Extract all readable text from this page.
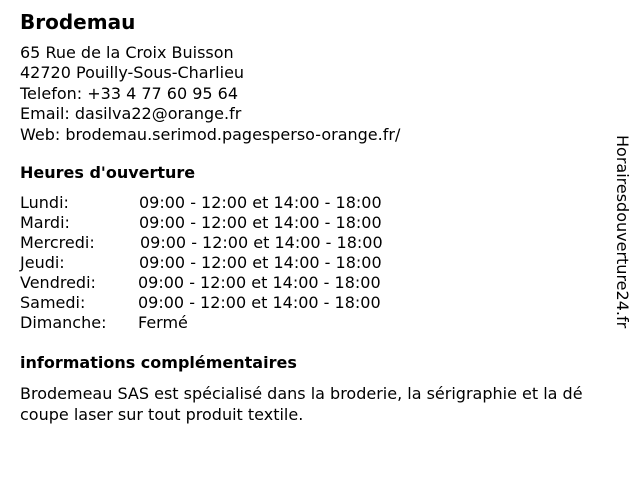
Brodemau
65 Rue de la Croix Buisson
42720 Pouilly-Sous-Charlieu
Telefon: +33 4 77 60 95 64
Email: dasilva22@orange.fr
Web: brodemau.serimod.pagesperso-orange.fr/
Heures d'ouverture
Lundi:	09:00 - 12:00 et 14:00 - 18:00
Mardi:	09:00 - 12:00 et 14:00 - 18:00
Mercredi:	09:00 - 12:00 et 14:00 - 18:00
Jeudi:	09:00 - 12:00 et 14:00 - 18:00
Vendredi:	09:00 - 12:00 et 14:00 - 18:00
Samedi:	09:00 - 12:00 et 14:00 - 18:00
Dimanche: Fermé
informations complémentaires
Brodemeau SAS est spécialisé dans la broderie, la sérigraphie et la dé
coupe laser sur tout produit textile.
Horairesdouverture24.fr
